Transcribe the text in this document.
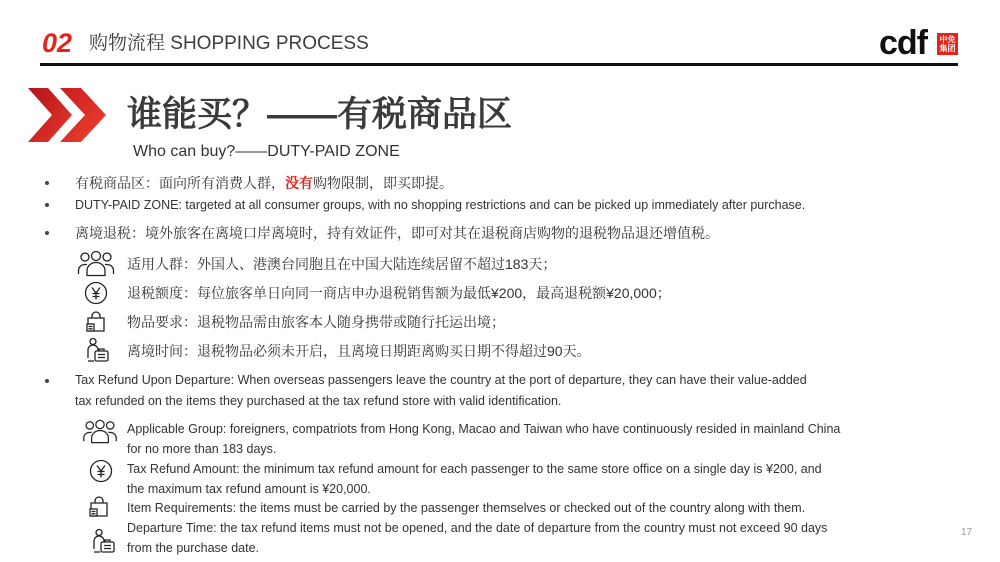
02 购物流程 SHOPPING PROCESS	cdf 中免
集团
谁能买？——有税商品区
Who can buy?——DUTY-PAID ZONE
有税商品区：面向所有消费人群，没有购物限制，即买即提。
DUTY-PAID ZONE: targeted at all consumer groups, with no shopping restrictions and can be picked up immediately after purchase.
离境退税：境外旅客在离境口岸离境时，持有效证件，即可对其在退税商店购物的退税物品退还增值税。
适用人群：外国人、港澳台同胞且在中国大陆连续居留不超过183天；
退税额度：每位旅客单日向同一商店申办退税销售额为最低¥200，最高退税额¥20,000；
物品要求：退税物品需由旅客本人随身携带或随行托运出境；
离境时间：退税物品必须未开启，且离境日期距离购买日期不得超过90天。
Tax Refund Upon Departure: When overseas passengers leave the country at the port of departure, they can have their value-added
tax refunded on the items they purchased at the tax refund store with valid identification.
Applicable Group: foreigners, compatriots from Hong Kong, Macao and Taiwan who have continuously resided in mainland China
for no more than 183 days.
Tax Refund Amount: the minimum tax refund amount for each passenger to the same store office on a single day is ¥200, and
the maximum tax refund amount is ¥20,000.
Item Requirements: the items must be carried by the passenger themselves or checked out of the country along with them.
Departure Time: the tax refund items must not be opened, and the date of departure from the country must not exceed 90 days
from the purchase date.
17
